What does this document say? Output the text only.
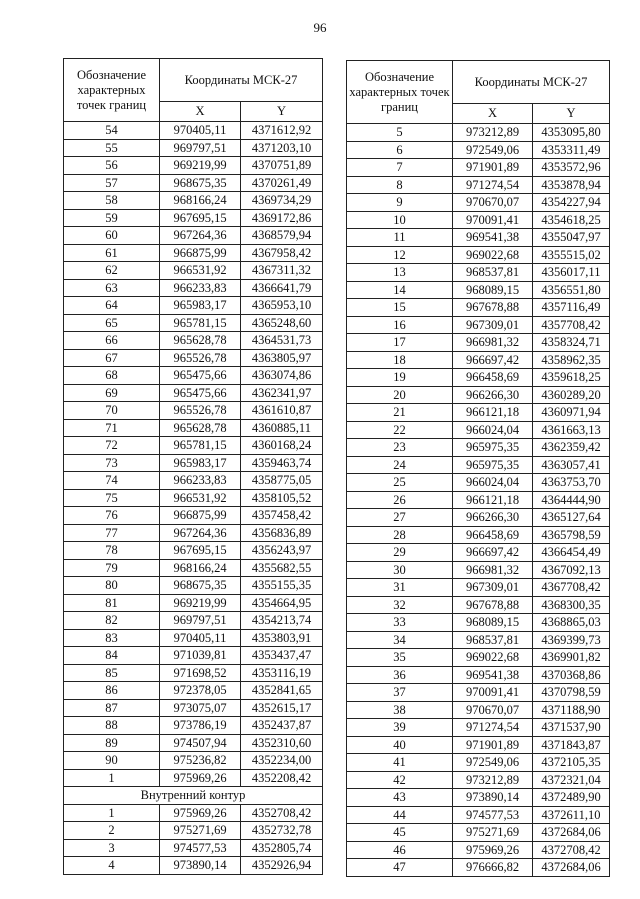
96
Обозначение характерных точек границ	Координаты МСК-27	
	X	Y
54	970405,11	4371612,92
55	969797,51	4371203,10
56	969219,99	4370751,89
57	968675,35	4370261,49
58	968166,24	4369734,29
59	967695,15	4369172,86
60	967264,36	4368579,94
61	966875,99	4367958,42
62	966531,92	4367311,32
63	966233,83	4366641,79
64	965983,17	4365953,10
65	965781,15	4365248,60
66	965628,78	4364531,73
67	965526,78	4363805,97
68	965475,66	4363074,86
69	965475,66	4362341,97
70	965526,78	4361610,87
71	965628,78	4360885,11
72	965781,15	4360168,24
73	965983,17	4359463,74
74	966233,83	4358775,05
75	966531,92	4358105,52
76	966875,99	4357458,42
77	967264,36	4356836,89
78	967695,15	4356243,97
79	968166,24	4355682,55
80	968675,35	4355155,35
81	969219,99	4354664,95
82	969797,51	4354213,74
83	970405,11	4353803,91
84	971039,81	4353437,47
85	971698,52	4353116,19
86	972378,05	4352841,65
87	973075,07	4352615,17
88	973786,19	4352437,87
89	974507,94	4352310,60
90	975236,82	4352234,00
1	975969,26	4352208,42
Внутренний контур		
1	975969,26	4352708,42
2	975271,69	4352732,78
3	974577,53	4352805,74
4	973890,14	4352926,94
Обозначение характерных точек границ	Координаты МСК-27	
	X	Y
5	973212,89	4353095,80
6	972549,06	4353311,49
7	971901,89	4353572,96
8	971274,54	4353878,94
9	970670,07	4354227,94
10	970091,41	4354618,25
11	969541,38	4355047,97
12	969022,68	4355515,02
13	968537,81	4356017,11
14	968089,15	4356551,80
15	967678,88	4357116,49
16	967309,01	4357708,42
17	966981,32	4358324,71
18	966697,42	4358962,35
19	966458,69	4359618,25
20	966266,30	4360289,20
21	966121,18	4360971,94
22	966024,04	4361663,13
23	965975,35	4362359,42
24	965975,35	4363057,41
25	966024,04	4363753,70
26	966121,18	4364444,90
27	966266,30	4365127,64
28	966458,69	4365798,59
29	966697,42	4366454,49
30	966981,32	4367092,13
31	967309,01	4367708,42
32	967678,88	4368300,35
33	968089,15	4368865,03
34	968537,81	4369399,73
35	969022,68	4369901,82
36	969541,38	4370368,86
37	970091,41	4370798,59
38	970670,07	4371188,90
39	971274,54	4371537,90
40	971901,89	4371843,87
41	972549,06	4372105,35
42	973212,89	4372321,04
43	973890,14	4372489,90
44	974577,53	4372611,10
45	975271,69	4372684,06
46	975969,26	4372708,42
47	976666,82	4372684,06
